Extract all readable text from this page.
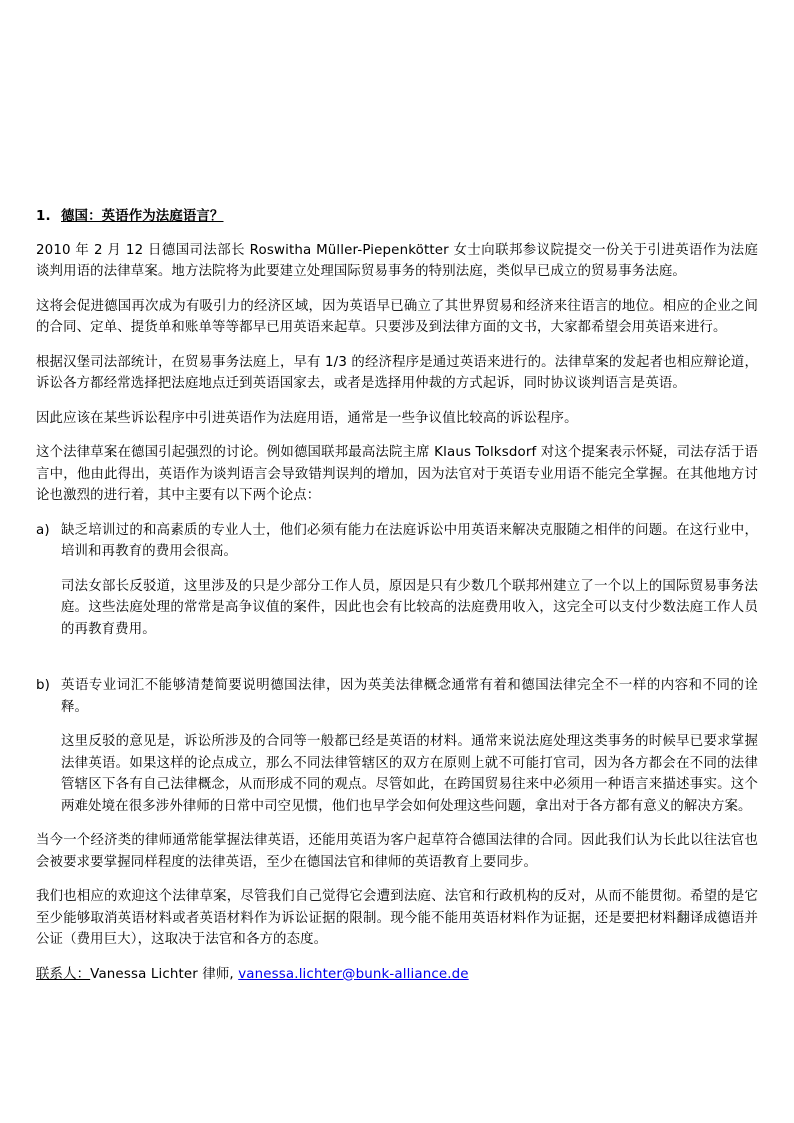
1. 德国：英语作为法庭语言？

2010 年 2 月 12 日德国司法部长 Roswitha Müller-Piepenkötter 女士向联邦参议院提交一份关于引进英语作为法庭谈判用语的法律草案。地方法院将为此要建立处理国际贸易事务的特别法庭，类似早已成立的贸易事务法庭。

这将会促进德国再次成为有吸引力的经济区域，因为英语早已确立了其世界贸易和经济来往语言的地位。相应的企业之间的合同、定单、提货单和账单等等都早已用英语来起草。只要涉及到法律方面的文书，大家都希望会用英语来进行。

根据汉堡司法部统计，在贸易事务法庭上，早有 1/3 的经济程序是通过英语来进行的。法律草案的发起者也相应辩论道，诉讼各方都经常选择把法庭地点迁到英语国家去，或者是选择用仲裁的方式起诉，同时协议谈判语言是英语。

因此应该在某些诉讼程序中引进英语作为法庭用语，通常是一些争议值比较高的诉讼程序。

这个法律草案在德国引起强烈的讨论。例如德国联邦最高法院主席 Klaus Tolksdorf 对这个提案表示怀疑，司法存活于语言中，他由此得出，英语作为谈判语言会导致错判误判的增加，因为法官对于英语专业用语不能完全掌握。在其他地方讨论也激烈的进行着，其中主要有以下两个论点：

a) 缺乏培训过的和高素质的专业人士，他们必须有能力在法庭诉讼中用英语来解决克服随之相伴的问题。在这行业中，培训和再教育的费用会很高。

司法女部长反驳道，这里涉及的只是少部分工作人员，原因是只有少数几个联邦州建立了一个以上的国际贸易事务法庭。这些法庭处理的常常是高争议值的案件，因此也会有比较高的法庭费用收入，这完全可以支付少数法庭工作人员的再教育费用。

b) 英语专业词汇不能够清楚简要说明德国法律，因为英美法律概念通常有着和德国法律完全不一样的内容和不同的诠释。

这里反驳的意见是，诉讼所涉及的合同等一般都已经是英语的材料。通常来说法庭处理这类事务的时候早已要求掌握法律英语。如果这样的论点成立，那么不同法律管辖区的双方在原则上就不可能打官司，因为各方都会在不同的法律管辖区下各有自己法律概念，从而形成不同的观点。尽管如此，在跨国贸易往来中必须用一种语言来描述事实。这个两难处境在很多涉外律师的日常中司空见惯，他们也早学会如何处理这些问题，拿出对于各方都有意义的解决方案。

当今一个经济类的律师通常能掌握法律英语，还能用英语为客户起草符合德国法律的合同。因此我们认为长此以往法官也会被要求要掌握同样程度的法律英语，至少在德国法官和律师的英语教育上要同步。

我们也相应的欢迎这个法律草案，尽管我们自己觉得它会遭到法庭、法官和行政机构的反对，从而不能贯彻。希望的是它至少能够取消英语材料或者英语材料作为诉讼证据的限制。现今能不能用英语材料作为证据，还是要把材料翻译成德语并公证（费用巨大），这取决于法官和各方的态度。

联系人：Vanessa Lichter 律师, vanessa.lichter@bunk-alliance.de
